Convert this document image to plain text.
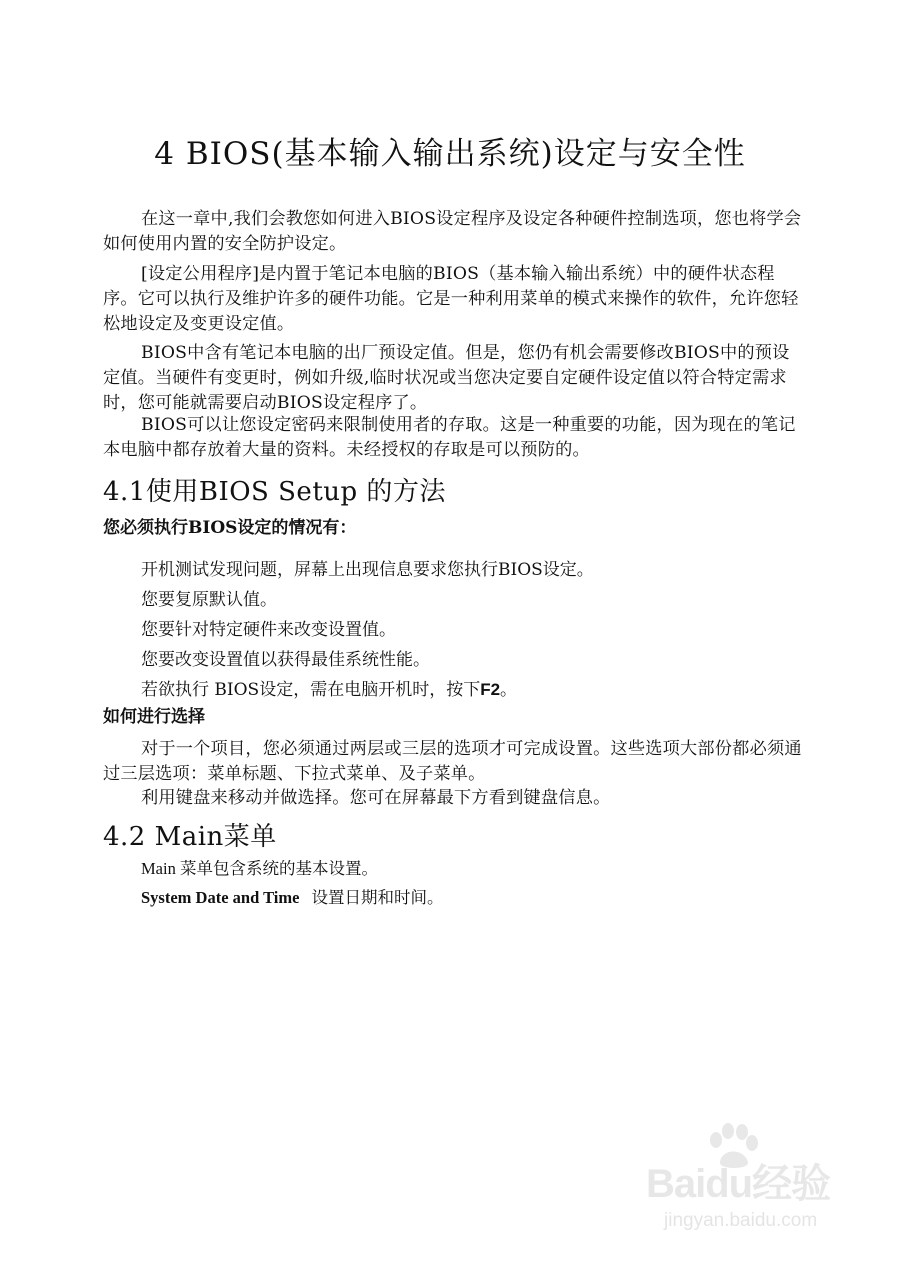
4 BIOS(基本输入输出系统)设定与安全性

在这一章中,我们会教您如何进入BIOS设定程序及设定各种硬件控制选项，您也将学会如何使用内置的安全防护设定。

[设定公用程序]是内置于笔记本电脑的BIOS（基本输入输出系统）中的硬件状态程序。它可以执行及维护许多的硬件功能。它是一种利用菜单的模式来操作的软件，允许您轻松地设定及变更设定值。

BIOS中含有笔记本电脑的出厂预设定值。但是，您仍有机会需要修改BIOS中的预设定值。当硬件有变更时，例如升级,临时状况或当您决定要自定硬件设定值以符合特定需求时，您可能就需要启动BIOS设定程序了。

BIOS可以让您设定密码来限制使用者的存取。这是一种重要的功能，因为现在的笔记本电脑中都存放着大量的资料。未经授权的存取是可以预防的。

4.1使用BIOS Setup 的方法

您必须执行BIOS设定的情况有：

开机测试发现问题，屏幕上出现信息要求您执行BIOS设定。
您要复原默认值。
您要针对特定硬件来改变设置值。
您要改变设置值以获得最佳系统性能。
若欲执行 BIOS设定，需在电脑开机时，按下F2。

如何进行选择

对于一个项目，您必须通过两层或三层的选项才可完成设置。这些选项大部份都必须通过三层选项：菜单标题、下拉式菜单、及子菜单。

利用键盘来移动并做选择。您可在屏幕最下方看到键盘信息。

4.2 Main菜单

Main 菜单包含系统的基本设置。

System Date and Time 设置日期和时间。

Baidu经验
jingyan.baidu.com
